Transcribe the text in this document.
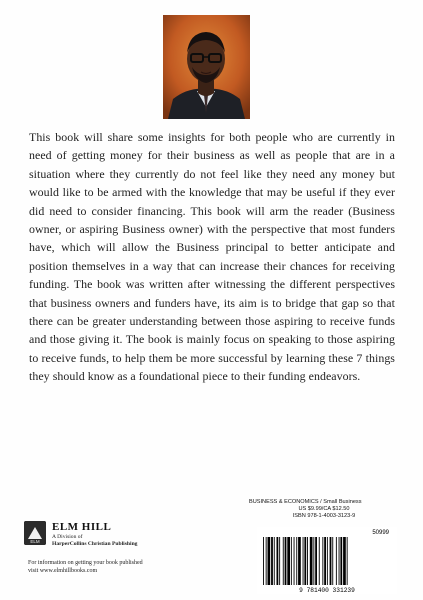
This book will share some insights for both people who are currently in need of getting money for their business as well as people that are in a situation where they currently do not feel like they need any money but would like to be armed with the knowledge that may be useful if they ever did need to consider financing. This book will arm the reader (Business owner, or aspiring Business owner) with the perspective that most funders have, which will allow the Business principal to better anticipate and position themselves in a way that can increase their chances for receiving funding. The book was written after witnessing the different perspectives that business owners and funders have, its aim is to bridge that gap so that there can be greater understanding between those aspiring to receive funds and those giving it. The book is mainly focus on speaking to those aspiring to receive funds, to help them be more successful by learning these 7 things they should know as a foundational piece to their funding endeavors.
ELM
ELM HILL
A Division of
HarperCollins Christian Publishing
For information on getting your book published
visit www.elmhillbooks.com
BUSINESS & ECONOMICS / Small Business
US $9.99/CA $12.50
ISBN 978-1-4003-3123-9
50999
9 781400 331239
